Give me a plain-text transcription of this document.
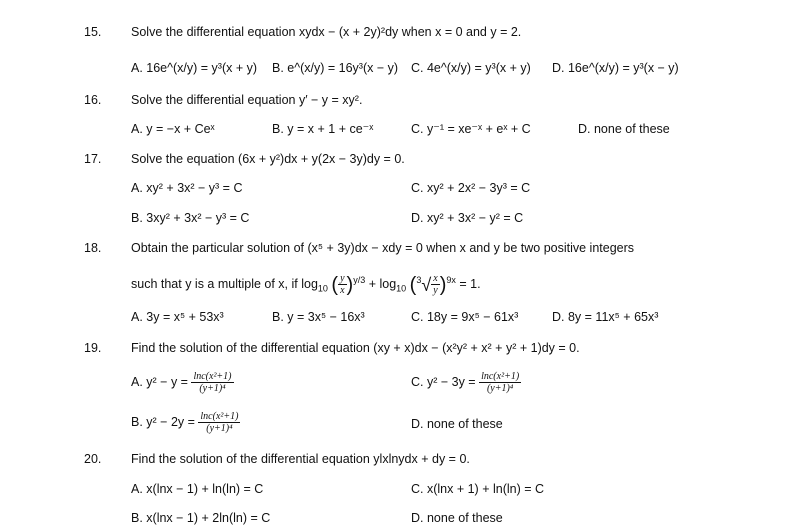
15. Solve the differential equation xydx − (x + 2y)²dy when x = 0 and y = 2.
A. 16e^(x/y) = y³(x + y) B. e^(x/y) = 16y³(x − y) C. 4e^(x/y) = y³(x + y) D. 16e^(x/y) = y³(x − y)
16. Solve the differential equation y′ − y = xy².
A. y = −x + Ceˣ	B. y = x + 1 + ce⁻ˣ	C. y⁻¹ = xe⁻ˣ + eˣ + C	D. none of these
17. Solve the equation (6x + y²)dx + y(2x − 3y)dy = 0.
A. xy² + 3x² − y³ = C	C. xy² + 2x² − 3y³ = C
B. 3xy² + 3x² − y³ = C	D. xy² + 3x² − y² = C
18. Obtain the particular solution of (x⁵ + 3y)dx − xdy = 0 when x and y be two positive integers
such that y is a multiple of x, if $\log_{10}$ ( $\frac{y}{x} )^{y/3} + \log_{10} (^3√ \frac{x}{y} )^{9x} = 1$.
A. 3y = x⁵ + 53x³	B. y = 3x⁵ − 16x³	C. 18y = 9x⁵ − 61x³	D. 8y = 11x⁵ + 65x³
19. Find the solution of the differential equation (xy + x)dx − (x²y² + x² + y² + 1)dy = 0.
A. $y^2 - y = \frac{\text{lnc(x²+1)}}{\text{(y+1)⁴}}$	C. $y^2 - 3y = \frac{\text{lnc(x²+1)}}{\text{(y+1)⁴}}$
B. $y^2 - 2y = \frac{\text{lnc(x²+1)}}{\text{(y+1)⁴}}$	D. none of these
20. Find the solution of the differential equation ylxlnydx + dy = 0.
A. x(lnx − 1) + ln(ln) = C	C. x(lnx + 1) + ln(ln) = C
B. x(lnx − 1) + 2ln(ln) = C	D. none of these
